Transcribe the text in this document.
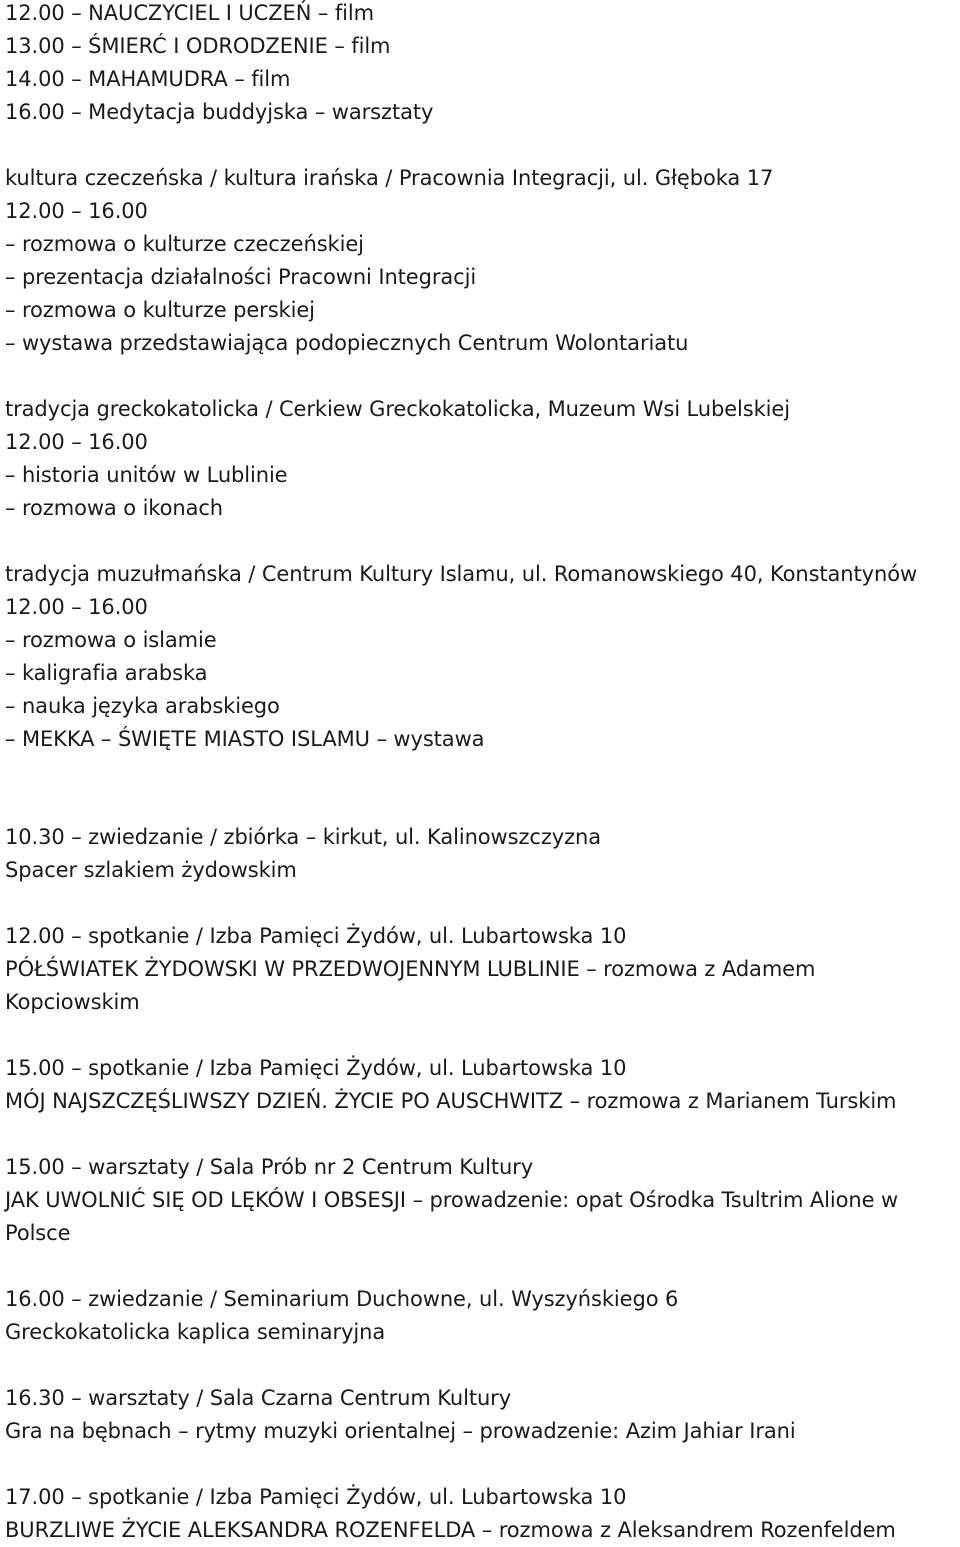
12.00 – NAUCZYCIEL I UCZEŃ – film
13.00 – ŚMIERĆ I ODRODZENIE – film
14.00 – MAHAMUDRA – film
16.00 – Medytacja buddyjska – warsztaty
kultura czeczeńska / kultura irańska / Pracownia Integracji, ul. Głęboka 17
12.00 – 16.00
– rozmowa o kulturze czeczeńskiej
– prezentacja działalności Pracowni Integracji
– rozmowa o kulturze perskiej
– wystawa przedstawiająca podopiecznych Centrum Wolontariatu
tradycja greckokatolicka / Cerkiew Greckokatolicka, Muzeum Wsi Lubelskiej
12.00 – 16.00
– historia unitów w Lublinie
– rozmowa o ikonach
tradycja muzułmańska / Centrum Kultury Islamu, ul. Romanowskiego 40, Konstantynów
12.00 – 16.00
– rozmowa o islamie
– kaligrafia arabska
– nauka języka arabskiego
– MEKKA – ŚWIĘTE MIASTO ISLAMU – wystawa
10.30 – zwiedzanie / zbiórka – kirkut, ul. Kalinowszczyzna
Spacer szlakiem żydowskim
12.00 – spotkanie / Izba Pamięci Żydów, ul. Lubartowska 10
PÓŁŚWIATEK ŻYDOWSKI W PRZEDWOJENNYM LUBLINIE – rozmowa z Adamem
Kopciowskim
15.00 – spotkanie / Izba Pamięci Żydów, ul. Lubartowska 10
MÓJ NAJSZCZĘŚLIWSZY DZIEŃ. ŻYCIE PO AUSCHWITZ – rozmowa z Marianem Turskim
15.00 – warsztaty / Sala Prób nr 2 Centrum Kultury
JAK UWOLNIĆ SIĘ OD LĘKÓW I OBSESJI – prowadzenie: opat Ośrodka Tsultrim Alione w
Polsce
16.00 – zwiedzanie / Seminarium Duchowne, ul. Wyszyńskiego 6
Greckokatolicka kaplica seminaryjna
16.30 – warsztaty / Sala Czarna Centrum Kultury
Gra na bębnach – rytmy muzyki orientalnej – prowadzenie: Azim Jahiar Irani
17.00 – spotkanie / Izba Pamięci Żydów, ul. Lubartowska 10
BURZLIWE ŻYCIE ALEKSANDRA ROZENFELDA – rozmowa z Aleksandrem Rozenfeldem
